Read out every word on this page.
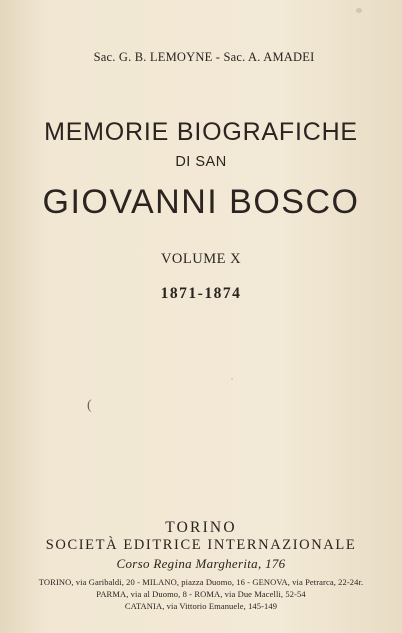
Sac. G. B. LEMOYNE - Sac. A. AMADEI
MEMORIE BIOGRAFICHE
DI SAN
GIOVANNI BOSCO
VOLUME X
1871-1874
(
TORINO
SOCIETÀ EDITRICE INTERNAZIONALE
Corso Regina Margherita, 176
TORINO, via Garibaldi, 20 - MILANO, piazza Duomo, 16 - GENOVA, via Petrarca, 22-24r.
PARMA, via al Duomo, 8 - ROMA, via Due Macelli, 52-54
CATANIA, via Vittorio Emanuele, 145-149
